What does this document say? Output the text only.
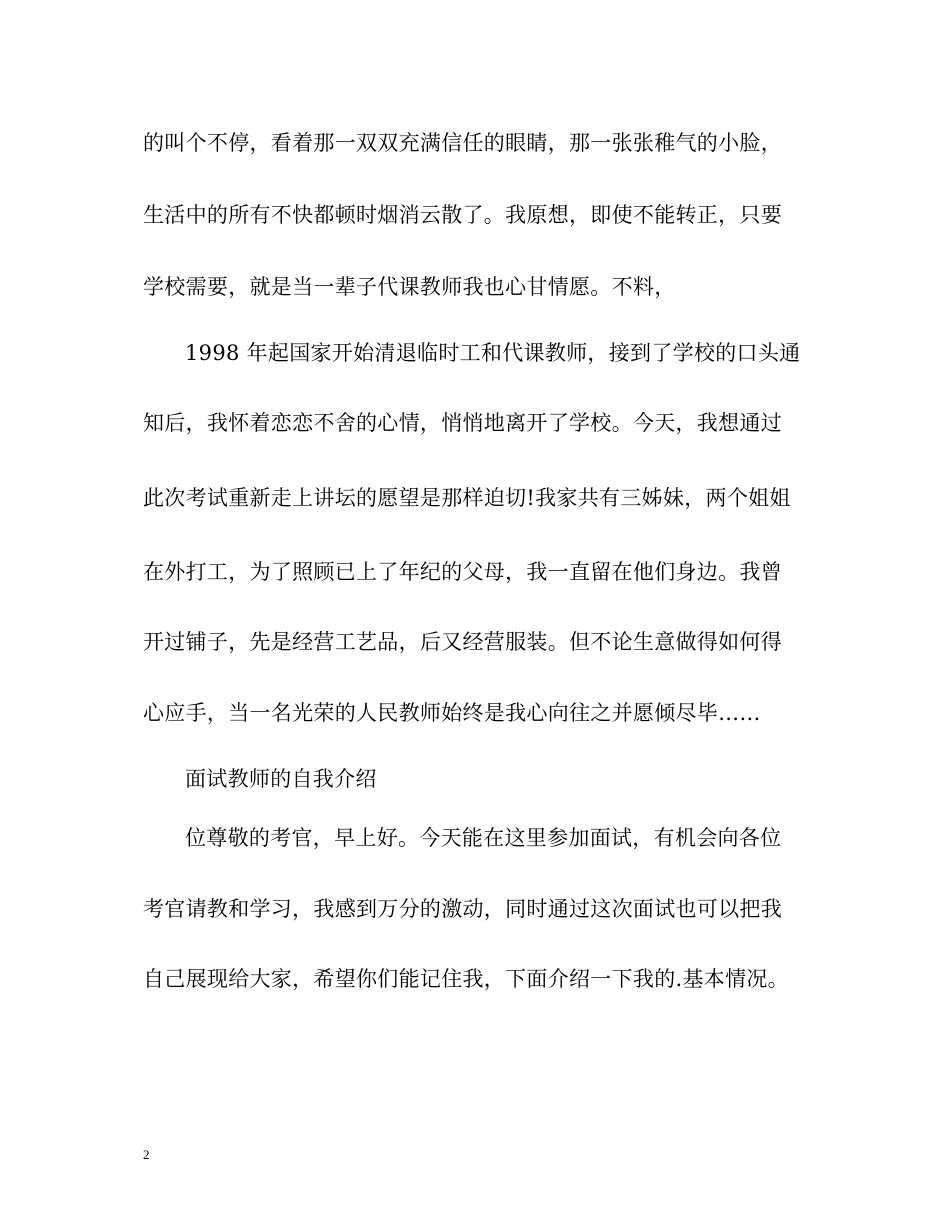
的叫个不停，看着那一双双充满信任的眼睛，那一张张稚气的小脸，
生活中的所有不快都顿时烟消云散了。我原想，即使不能转正，只要
学校需要，就是当一辈子代课教师我也心甘情愿。不料，
1998 年起国家开始清退临时工和代课教师，接到了学校的口头通
知后，我怀着恋恋不舍的心情，悄悄地离开了学校。今天，我想通过
此次考试重新走上讲坛的愿望是那样迫切!我家共有三姊妹，两个姐姐
在外打工，为了照顾已上了年纪的父母，我一直留在他们身边。我曾
开过铺子，先是经营工艺品，后又经营服装。但不论生意做得如何得
心应手，当一名光荣的人民教师始终是我心向往之并愿倾尽毕……
面试教师的自我介绍
位尊敬的考官，早上好。今天能在这里参加面试，有机会向各位
考官请教和学习，我感到万分的激动，同时通过这次面试也可以把我
自己展现给大家，希望你们能记住我，下面介绍一下我的.基本情况。
2
